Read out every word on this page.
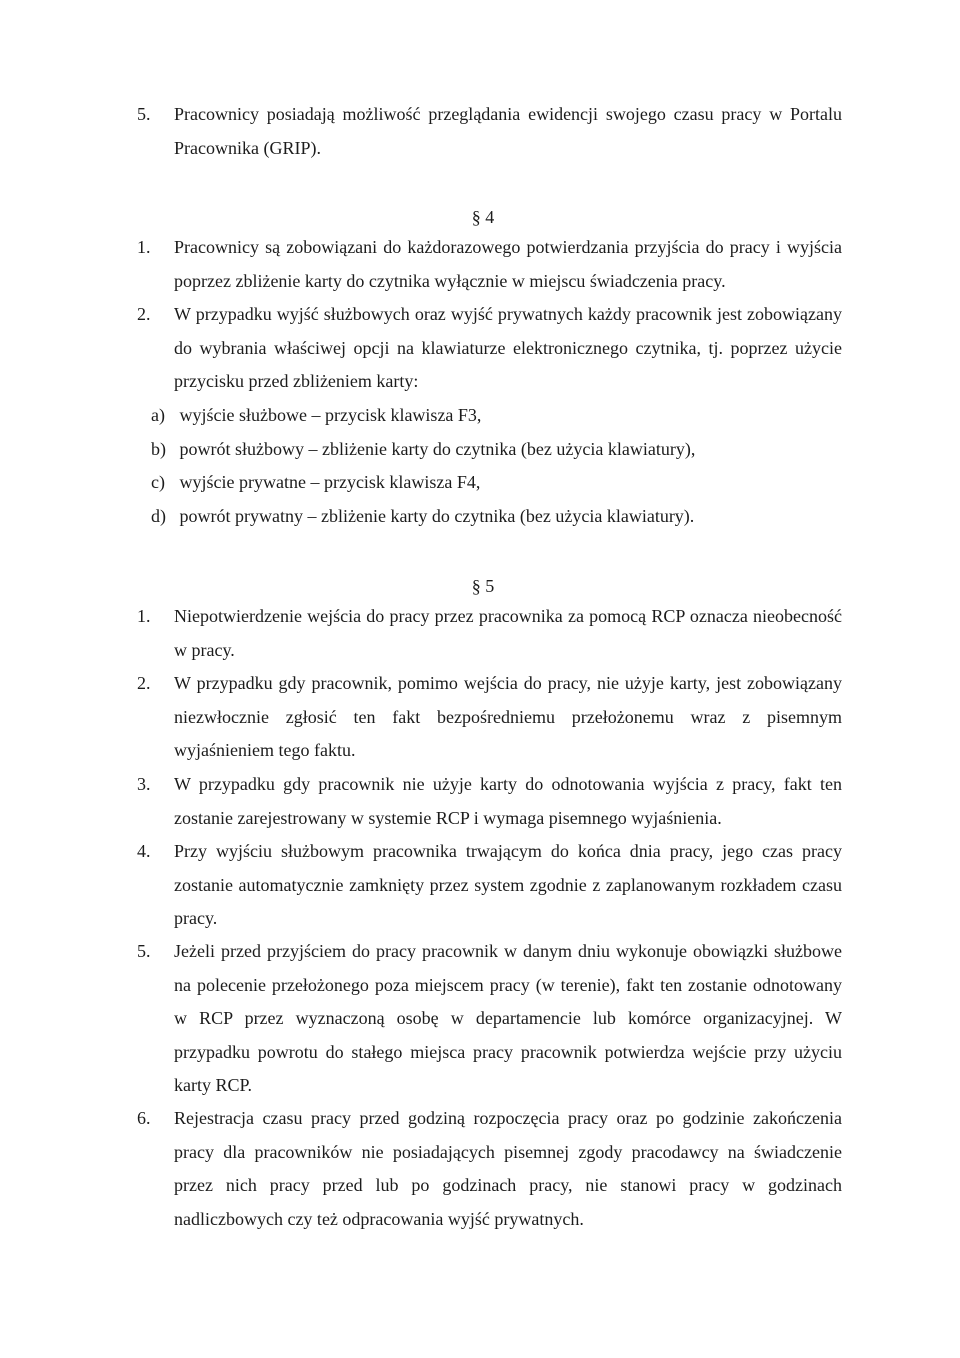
5. Pracownicy posiadają możliwość przeglądania ewidencji swojego czasu pracy w Portalu Pracownika (GRIP).
§ 4
1. Pracownicy są zobowiązani do każdorazowego potwierdzania przyjścia do pracy i wyjścia poprzez zbliżenie karty do czytnika wyłącznie w miejscu świadczenia pracy.
2. W przypadku wyjść służbowych oraz wyjść prywatnych każdy pracownik jest zobowiązany do wybrania właściwej opcji na klawiaturze elektronicznego czytnika, tj. poprzez użycie przycisku przed zbliżeniem karty:
a) wyjście służbowe – przycisk klawisza F3,
b) powrót służbowy – zbliżenie karty do czytnika (bez użycia klawiatury),
c) wyjście prywatne – przycisk klawisza F4,
d) powrót prywatny – zbliżenie karty do czytnika (bez użycia klawiatury).
§ 5
1. Niepotwierdzenie wejścia do pracy przez pracownika za pomocą RCP oznacza nieobecność w pracy.
2. W przypadku gdy pracownik, pomimo wejścia do pracy, nie użyje karty, jest zobowiązany niezwłocznie zgłosić ten fakt bezpośredniemu przełożonemu wraz z pisemnym wyjaśnieniem tego faktu.
3. W przypadku gdy pracownik nie użyje karty do odnotowania wyjścia z pracy, fakt ten zostanie zarejestrowany w systemie RCP i wymaga pisemnego wyjaśnienia.
4. Przy wyjściu służbowym pracownika trwającym do końca dnia pracy, jego czas pracy zostanie automatycznie zamknięty przez system zgodnie z zaplanowanym rozkładem czasu pracy.
5. Jeżeli przed przyjściem do pracy pracownik w danym dniu wykonuje obowiązki służbowe na polecenie przełożonego poza miejscem pracy (w terenie), fakt ten zostanie odnotowany w RCP przez wyznaczoną osobę w departamencie lub komórce organizacyjnej. W przypadku powrotu do stałego miejsca pracy pracownik potwierdza wejście przy użyciu karty RCP.
6. Rejestracja czasu pracy przed godziną rozpoczęcia pracy oraz po godzinie zakończenia pracy dla pracowników nie posiadających pisemnej zgody pracodawcy na świadczenie przez nich pracy przed lub po godzinach pracy, nie stanowi pracy w godzinach nadliczbowych czy też odpracowania wyjść prywatnych.
